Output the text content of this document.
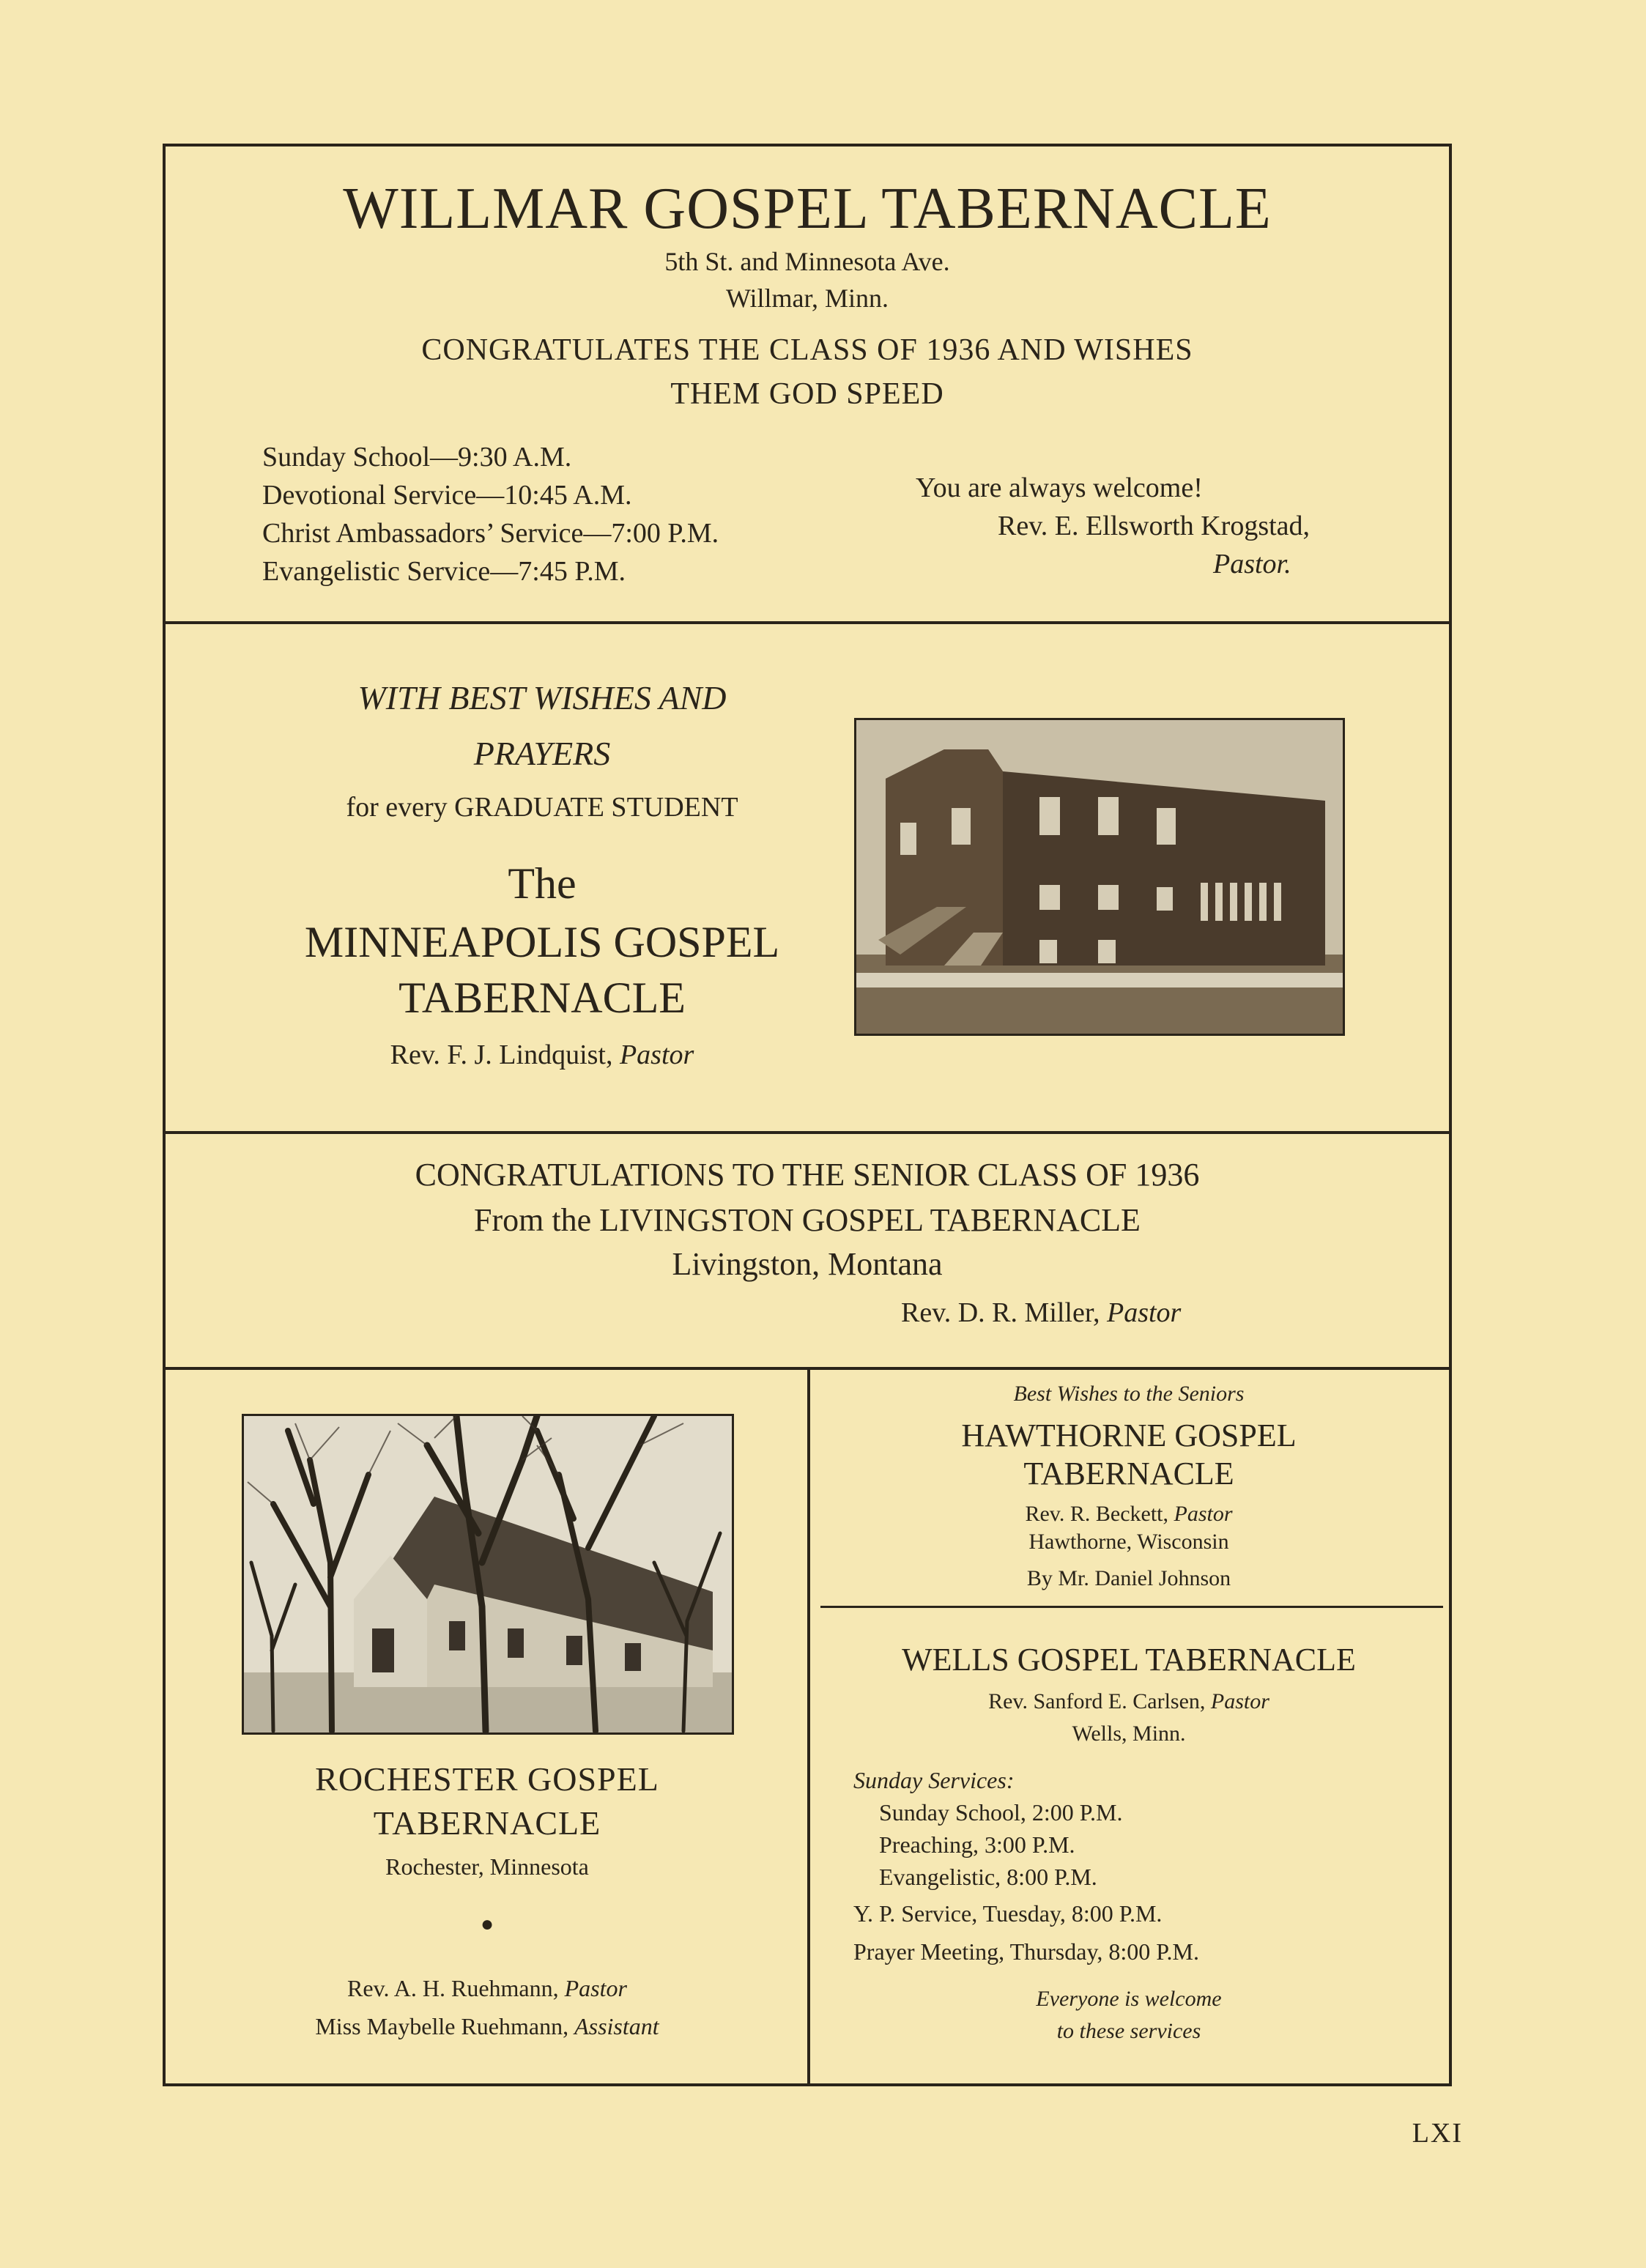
WILLMAR GOSPEL TABERNACLE
5th St. and Minnesota Ave.
Willmar, Minn.
CONGRATULATES THE CLASS OF 1936 AND WISHES
THEM GOD SPEED
Sunday School—9:30 A.M.
Devotional Service—10:45 A.M.
Christ Ambassadors’ Service—7:00 P.M.
Evangelistic Service—7:45 P.M.
You are always welcome!
Rev. E. Ellsworth Krogstad,
Pastor.
WITH BEST WISHES AND
PRAYERS
for every GRADUATE STUDENT
The
MINNEAPOLIS GOSPEL
TABERNACLE
Rev. F. J. Lindquist, Pastor
CONGRATULATIONS TO THE SENIOR CLASS OF 1936
From the LIVINGSTON GOSPEL TABERNACLE
Livingston, Montana
Rev. D. R. Miller, Pastor
ROCHESTER GOSPEL
TABERNACLE
Rochester, Minnesota
●
Rev. A. H. Ruehmann, Pastor
Miss Maybelle Ruehmann, Assistant
Best Wishes to the Seniors
HAWTHORNE GOSPEL
TABERNACLE
Rev. R. Beckett, Pastor
Hawthorne, Wisconsin
By Mr. Daniel Johnson
WELLS GOSPEL TABERNACLE
Rev. Sanford E. Carlsen, Pastor
Wells, Minn.
Sunday Services:
Sunday School, 2:00 P.M.
Preaching, 3:00 P.M.
Evangelistic, 8:00 P.M.
Y. P. Service, Tuesday, 8:00 P.M.
Prayer Meeting, Thursday, 8:00 P.M.
Everyone is welcome
to these services
LXI
